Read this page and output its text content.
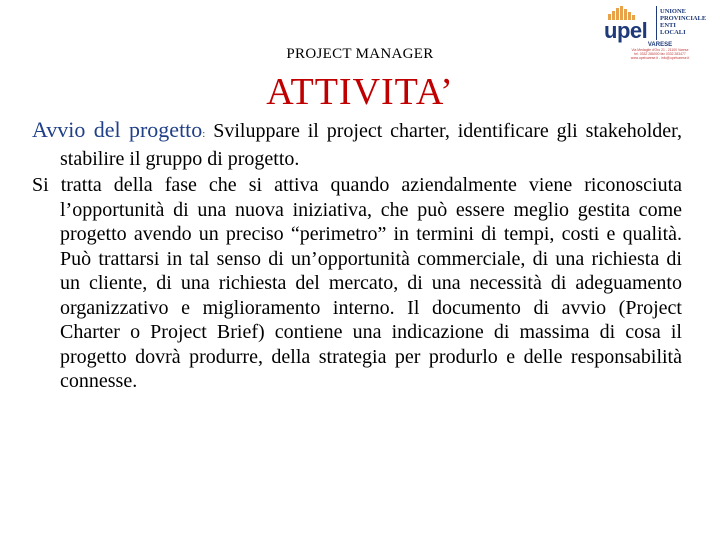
upel
UNIONE
PROVINCIALE
ENTI
LOCALI
VARESE
Via Medaglie d'Oro 21 - 21100 Varese
tel. 0332 286000 fax 0332 283477
www.upelvarese.it - info@upelvarese.it
PROJECT MANAGER
ATTIVITA’

Avvio del progetto: Sviluppare il project charter, identificare gli stakeholder, stabilire il gruppo di progetto.

Si tratta della fase che si attiva quando aziendalmente viene riconosciuta l’opportunità di una nuova iniziativa, che può essere meglio gestita come progetto avendo un preciso “perimetro” in termini di tempi, costi e qualità. Può trattarsi in tal senso di un’opportunità commerciale, di una richiesta di un cliente, di una richiesta del mercato, di una necessità di adeguamento organizzativo e miglioramento interno. Il documento di avvio (Project Charter o Project Brief) contiene una indicazione di massima di cosa il progetto dovrà produrre, della strategia per produrlo e delle responsabilità connesse.
